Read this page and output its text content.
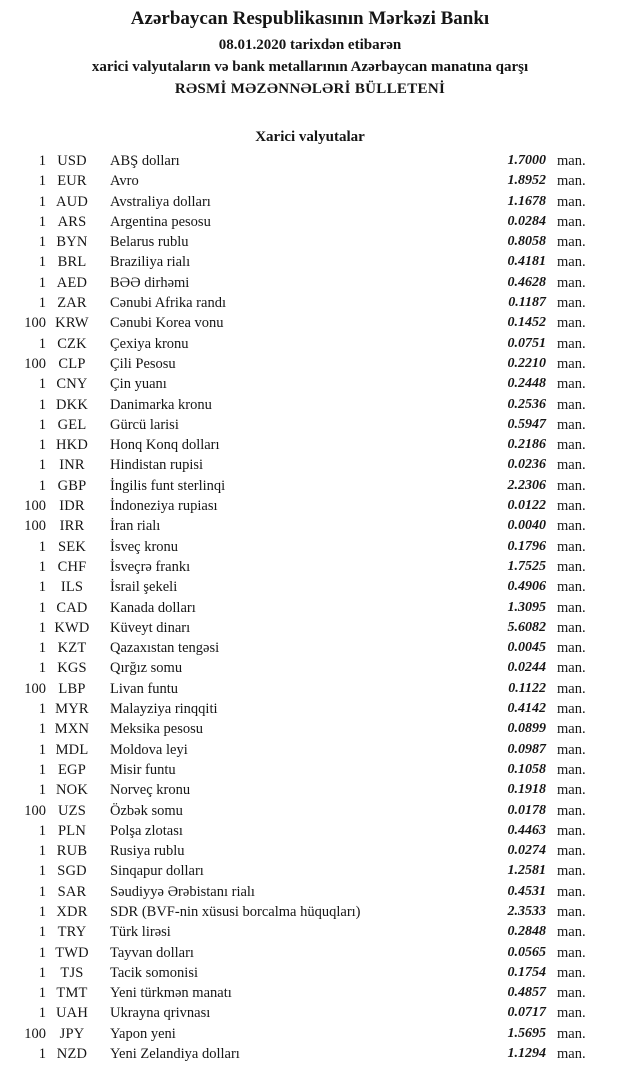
Azərbaycan Respublikasının Mərkəzi Bankı
08.01.2020 tarixdən etibarən
xarici valyutaların və bank metallarının Azərbaycan manatına qarşı
RƏSMİ MƏZƏNNƏLƏRİ BÜLLETENİ
Xarici valyutalar
1 USD	ABŞ dolları	1.7000 man.
1 EUR	Avro	1.8952 man.
1 AUD	Avstraliya dolları	1.1678 man.
1 ARS	Argentina pesosu	0.0284 man.
1 BYN	Belarus rublu	0.8058 man.
1 BRL	Braziliya rialı	0.4181 man.
1 AED	BƏƏ dirhəmi	0.4628 man.
1 ZAR	Cənubi Afrika randı	0.1187 man.
100 KRW	Cənubi Korea vonu	0.1452 man.
1 CZK	Çexiya kronu	0.0751 man.
100 CLP	Çili Pesosu	0.2210 man.
1 CNY	Çin yuanı	0.2448 man.
1 DKK	Danimarka kronu	0.2536 man.
1 GEL	Gürcü larisi	0.5947 man.
1 HKD	Honq Konq dolları	0.2186 man.
1 INR	Hindistan rupisi	0.0236 man.
1 GBP	İngilis funt sterlinqi	2.2306 man.
100 IDR	İndoneziya rupiası	0.0122 man.
100 IRR	İran rialı	0.0040 man.
1 SEK	İsveç kronu	0.1796 man.
1 CHF	İsveçrə frankı	1.7525 man.
1	ILS	İsrail şekeli	0.4906 man.
1 CAD	Kanada dolları	1.3095 man.
1 KWD	Küveyt dinarı	5.6082 man.
1 KZT	Qazaxıstan tengəsi	0.0045 man.
1 KGS	Qırğız somu	0.0244 man.
100 LBP	Livan funtu	0.1122 man.
1 MYR	Malayziya rinqqiti	0.4142 man.
1 MXN	Meksika pesosu	0.0899 man.
1 MDL	Moldova leyi	0.0987 man.
1 EGP	Misir funtu	0.1058 man.
1 NOK	Norveç kronu	0.1918 man.
100 UZS	Özbək somu	0.0178 man.
1 PLN	Polşa zlotası	0.4463 man.
1 RUB	Rusiya rublu	0.0274 man.
1 SGD	Sinqapur dolları	1.2581 man.
1 SAR	Səudiyyə Ərəbistanı rialı	0.4531 man.
1 XDR	SDR (BVF-nin xüsusi borcalma hüquqları)	2.3533 man.
1 TRY	Türk lirəsi	0.2848 man.
1 TWD	Tayvan dolları	0.0565 man.
1 TJS	Tacik somonisi	0.1754 man.
1 TMT	Yeni türkmən manatı	0.4857 man.
1 UAH	Ukrayna qrivnası	0.0717 man.
100 JPY	Yapon yeni	1.5695 man.
1 NZD	Yeni Zelandiya dolları	1.1294 man.
